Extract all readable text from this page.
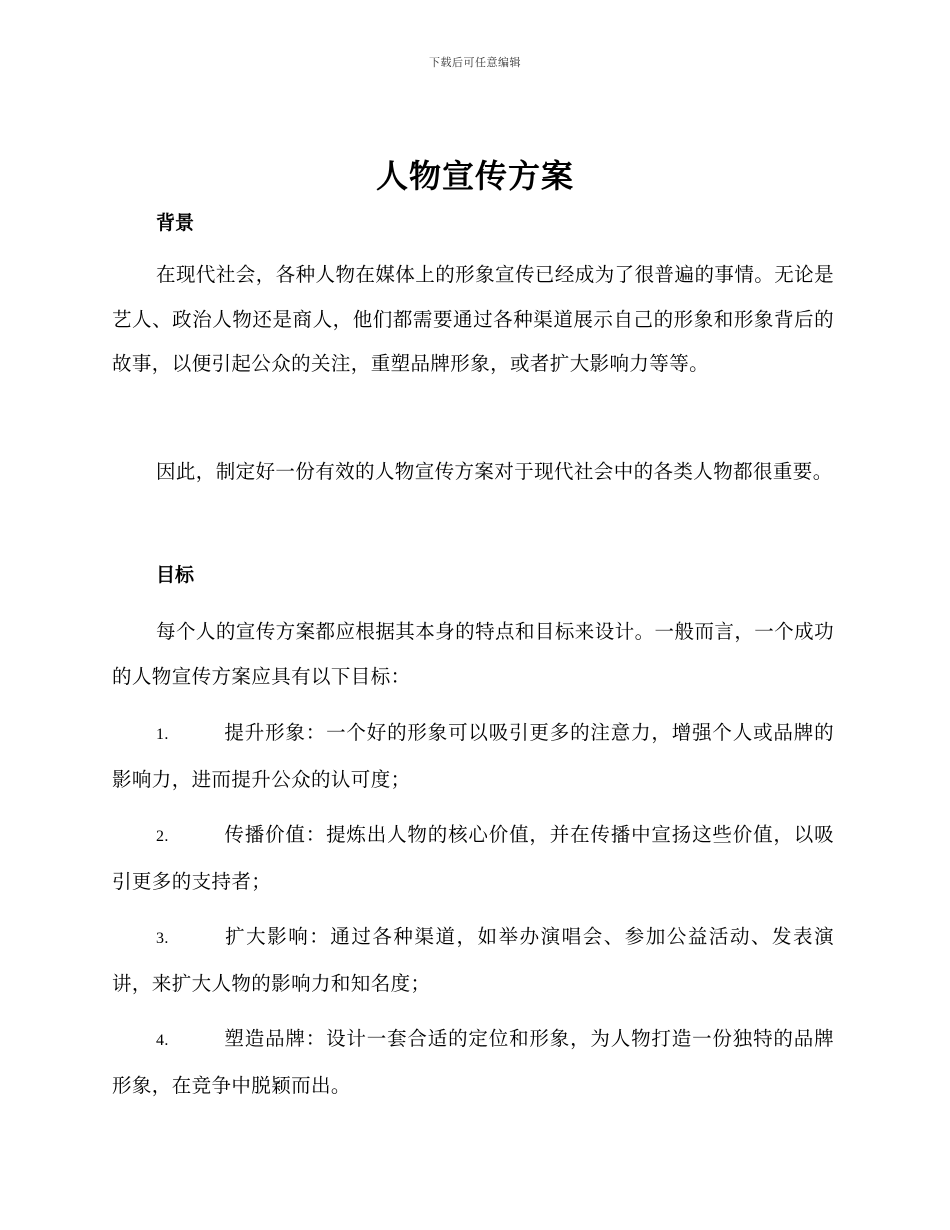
下载后可任意编辑
人物宣传方案
背景

在现代社会，各种人物在媒体上的形象宣传已经成为了很普遍的事情。无论是艺人、政治人物还是商人，他们都需要通过各种渠道展示自己的形象和形象背后的故事，以便引起公众的关注，重塑品牌形象，或者扩大影响力等等。

因此，制定好一份有效的人物宣传方案对于现代社会中的各类人物都很重要。

目标

每个人的宣传方案都应根据其本身的特点和目标来设计。一般而言，一个成功的人物宣传方案应具有以下目标：

1.	提升形象：一个好的形象可以吸引更多的注意力，增强个人或品牌的影响力，进而提升公众的认可度；

2.	传播价值：提炼出人物的核心价值，并在传播中宣扬这些价值，以吸引更多的支持者；

3.	扩大影响：通过各种渠道，如举办演唱会、参加公益活动、发表演讲，来扩大人物的影响力和知名度；

4.	塑造品牌：设计一套合适的定位和形象，为人物打造一份独特的品牌形象，在竞争中脱颖而出。
